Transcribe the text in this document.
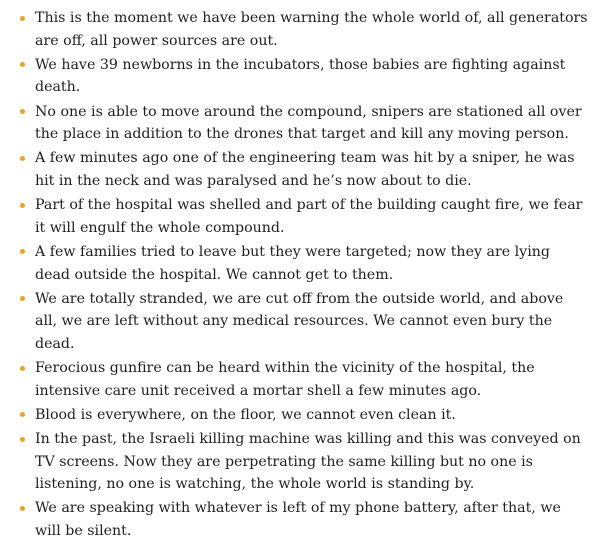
This is the moment we have been warning the whole world of, all generators are off, all power sources are out.
We have 39 newborns in the incubators, those babies are fighting against death.
No one is able to move around the compound, snipers are stationed all over the place in addition to the drones that target and kill any moving person.
A few minutes ago one of the engineering team was hit by a sniper, he was hit in the neck and was paralysed and he’s now about to die.
Part of the hospital was shelled and part of the building caught fire, we fear it will engulf the whole compound.
A few families tried to leave but they were targeted; now they are lying dead outside the hospital. We cannot get to them.
We are totally stranded, we are cut off from the outside world, and above all, we are left without any medical resources. We cannot even bury the dead.
Ferocious gunfire can be heard within the vicinity of the hospital, the intensive care unit received a mortar shell a few minutes ago.
Blood is everywhere, on the floor, we cannot even clean it.
In the past, the Israeli killing machine was killing and this was conveyed on TV screens. Now they are perpetrating the same killing but no one is listening, no one is watching, the whole world is standing by.
We are speaking with whatever is left of my phone battery, after that, we will be silent.
